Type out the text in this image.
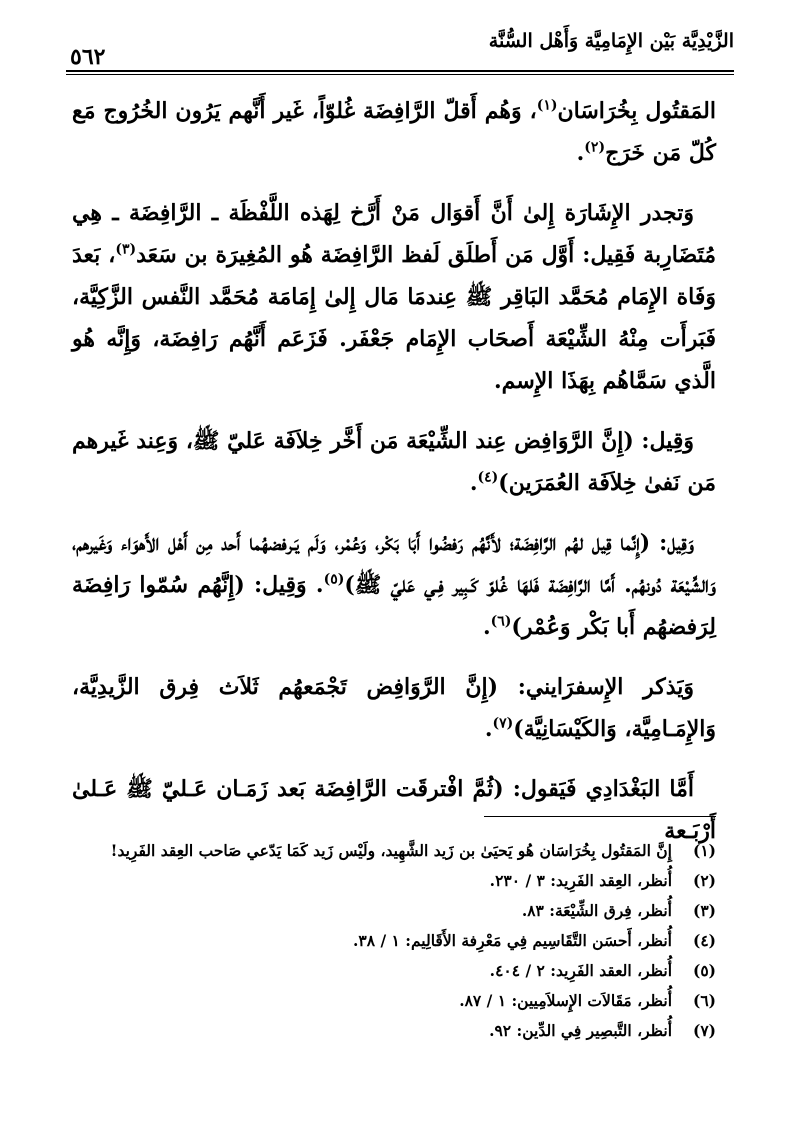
الزَّيْدِيَّة بَيْن الإِمَامِيَّة وَأَهْل السُّنَّة
٥٦٢

المَقتُول بِخُرَاسَان$^{(١)}$، وَهُم أَقلّ الرَّافِضَة غُلوّاً، غَير أَنَّهم يَرُون الخُرُوج مَع كُلّ مَن خَرَج$^{(٢)}$.

وَتجدر الإِشَارَة إِلىٰ أَنَّ أَقوَال مَنْ أَرَّخ لِهَذه اللَّفْظَة ـ الرَّافِضَة ـ هِي مُتَضَارِبة فَقِيل: أَوَّل مَن أَطلَق لَفظ الرَّافِضَة هُو المُغِيرَة بن سَعَد$^{(٣)}$، بَعدَ وَفَاة الإِمَام مُحَمَّد البَاقِر ﷺ عِندمَا مَال إِلىٰ إِمَامَة مُحَمَّد النَّفس الزَّكِيَّة، فَبَرأَت مِنْهُ الشِّيْعَة أَصحَاب الإِمَام جَعْفَر. فَزَعَم أَنَّهُم رَافِضَة، وَإِنَّه هُو الَّذي سَمَّاهُم بِهَذَا الإِسم.

وَقِيل: (إِنَّ الرَّوَافِض عِند الشِّيْعَة مَن أَخَّر خِلاَفَة عَليّ ﷺ، وَعِند غَيرهم مَن نَفىٰ خِلاَفَة العُمَرَين)$^{(٤)}$.

وَقِيل: (إِنَّما قِيل لهُم الرَّافِضَة؛ لأَنَّهُم رَفضُوا أَبَا بَكْر، وَعُمْر، وَلَم يَـرفضهُما أَحد مِن أَهْل الأَهوَاء وَغَيرهم، وَالشِّيْعَة دُونهُم. أَمَّا الرَّافِضَة فَلهَا غُلوّ كَـبِير فِـي عَليّ ﷺ)$^{(٥)}$. وَقِيل: (إِنَّهُم سُمّوا رَافِضَة لِرَفضهُم أَبا بَكْر وَعُمْر)$^{(٦)}$.

وَيَذكر الإِسفرَايني: (إِنَّ الرَّوَافِض تَجْمَعهُم ثَلاَث فِرق الزَّيدِيَّة، وَالإِمَـامِيَّة، وَالكَيْسَانِيَّة)$^{(٧)}$.

أَمَّا البَغْدَادِي فَيَقول: (ثُمَّ افْترقَت الرَّافِضَة بَعد زَمَـان عَـليّ ﷺ عَـلىٰ أَرْبَـعة

(١)
إِنَّ المَقتُول بِخُرَاسَان هُو يَحيَىٰ بن زَيد الشَّهِيد، ولَيْس زَيد كَمَا يَدّعي صَاحب العِقد الفَرِيد!
(٢)
أُنظر، العِقد الفَرِيد: ٣ / ٢٣٠.
(٣)
أُنظر، فِرق الشِّيْعَة: ٨٣.
(٤)
أُنظر، أَحسَن التَّقَاسِيم فِي مَعْرِفة الأَقَالِيم: ١ / ٣٨.
(٥)
أُنظر، العقد الفَرِيد: ٢ / ٤٠٤.
(٦)
أُنظر، مَقَالاَت الإِسلاَمِيين: ١ / ٨٧.
(٧)
أُنظر، التَّبصِير فِي الدِّين: ٩٢.
